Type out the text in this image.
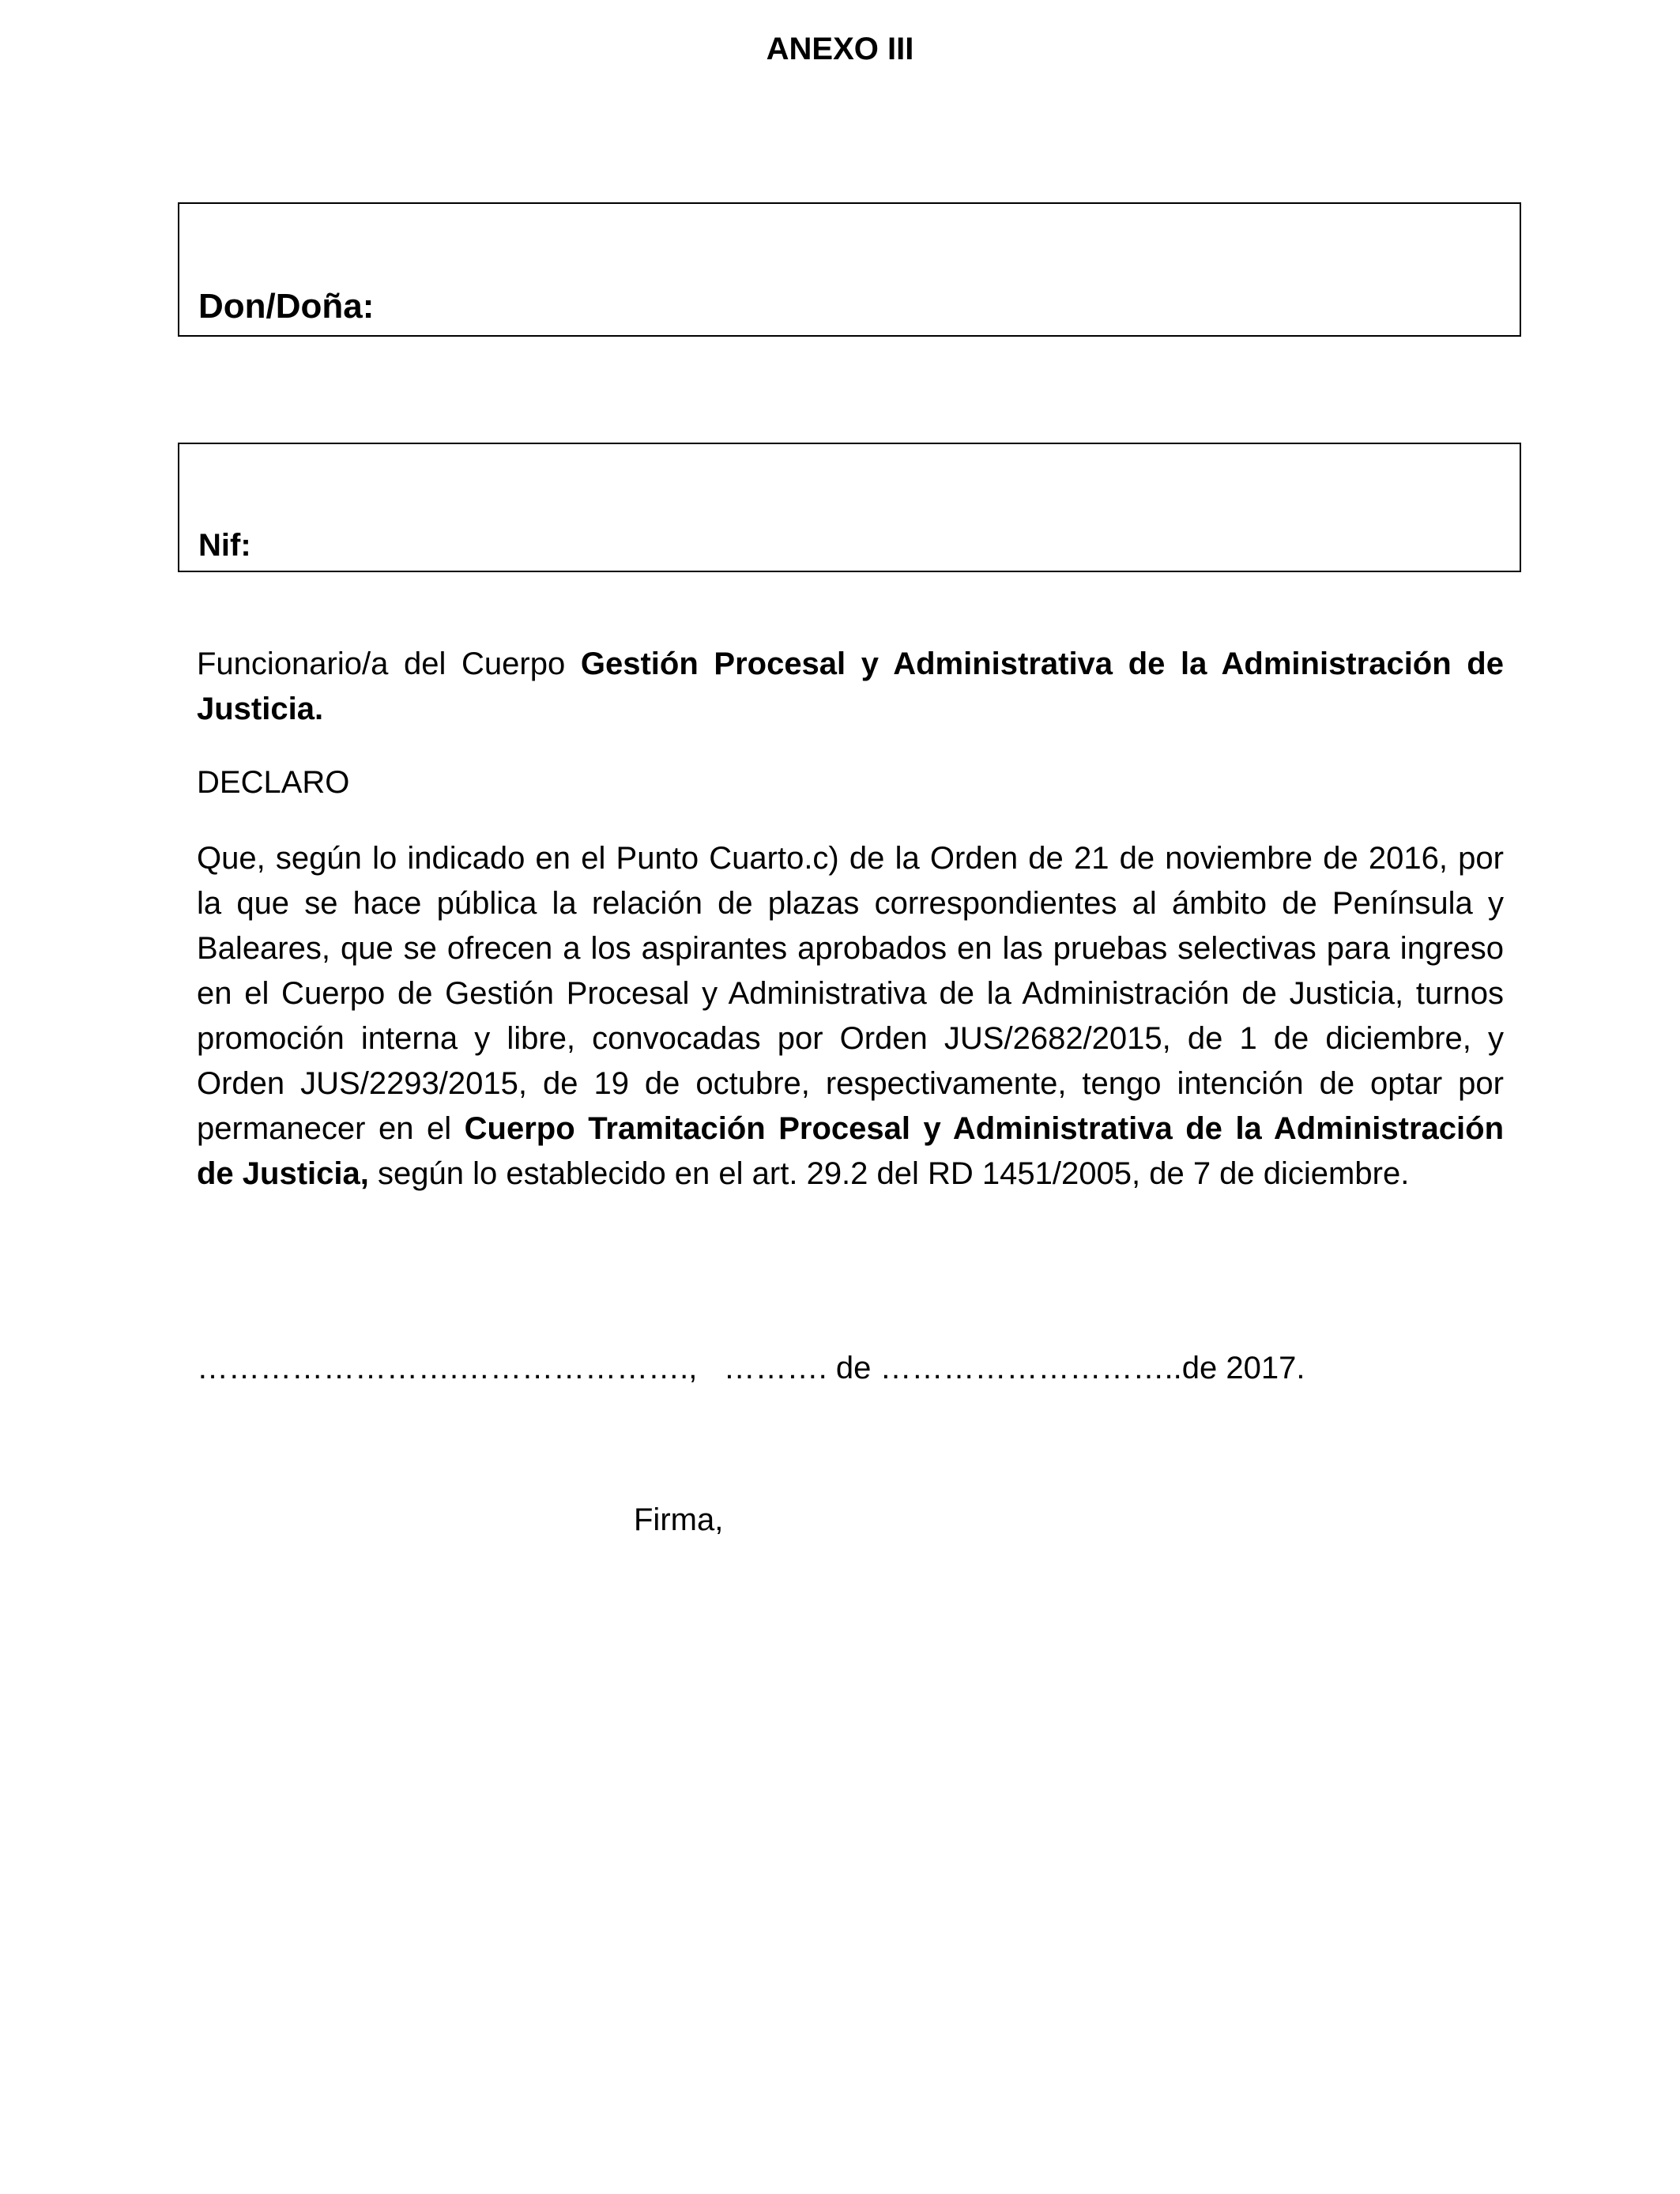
ANEXO III
Don/Doña:
Nif:
Funcionario/a del Cuerpo Gestión Procesal y Administrativa de la Administración de Justicia.
DECLARO
Que, según lo indicado en el Punto Cuarto.c) de la Orden de 21 de noviembre de 2016, por la que se hace pública la relación de plazas correspondientes al ámbito de Península y Baleares, que se ofrecen a los aspirantes aprobados en las pruebas selectivas para ingreso en el Cuerpo de Gestión Procesal y Administrativa de la Administración de Justicia, turnos promoción interna y libre, convocadas por Orden JUS/2682/2015, de 1 de diciembre, y Orden JUS/2293/2015, de 19 de octubre, respectivamente, tengo intención de optar por permanecer en el Cuerpo Tramitación Procesal y Administrativa de la Administración de Justicia, según lo establecido en el art. 29.2 del RD 1451/2005, de 7 de diciembre.
…………………….………………….,   ………. de ………………………..de 2017.
Firma,
